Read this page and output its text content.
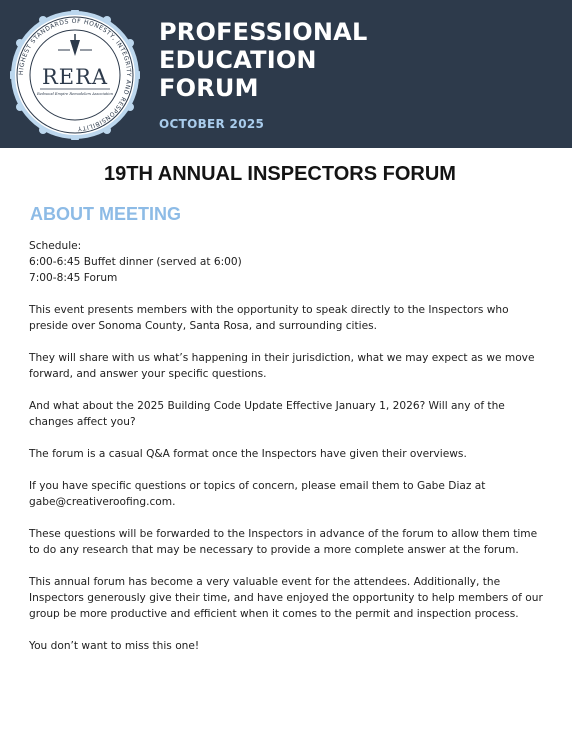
HIGHEST STANDARDS OF HONESTY, INTEGRITY AND RESPONSIBILITY
RERA
Redwood Empire Remodelers Association
PROFESSIONAL
EDUCATION
FORUM
OCTOBER 2025
19TH ANNUAL INSPECTORS FORUM
ABOUT MEETING

Schedule:
6:00-6:45 Buffet dinner (served at 6:00)
7:00-8:45 Forum

This event presents members with the opportunity to speak directly to the Inspectors who preside over Sonoma County, Santa Rosa, and surrounding cities.

They will share with us what’s happening in their jurisdiction, what we may expect as we move forward, and answer your specific questions.

And what about the 2025 Building Code Update Effective January 1, 2026? Will any of the changes affect you?

The forum is a casual Q&A format once the Inspectors have given their overviews.

If you have specific questions or topics of concern, please email them to Gabe Diaz at gabe@creativeroofing.com.

These questions will be forwarded to the Inspectors in advance of the forum to allow them time to do any research that may be necessary to provide a more complete answer at the forum.

This annual forum has become a very valuable event for the attendees. Additionally, the Inspectors generously give their time, and have enjoyed the opportunity to help members of our group be more productive and efficient when it comes to the permit and inspection process.

You don’t want to miss this one!
